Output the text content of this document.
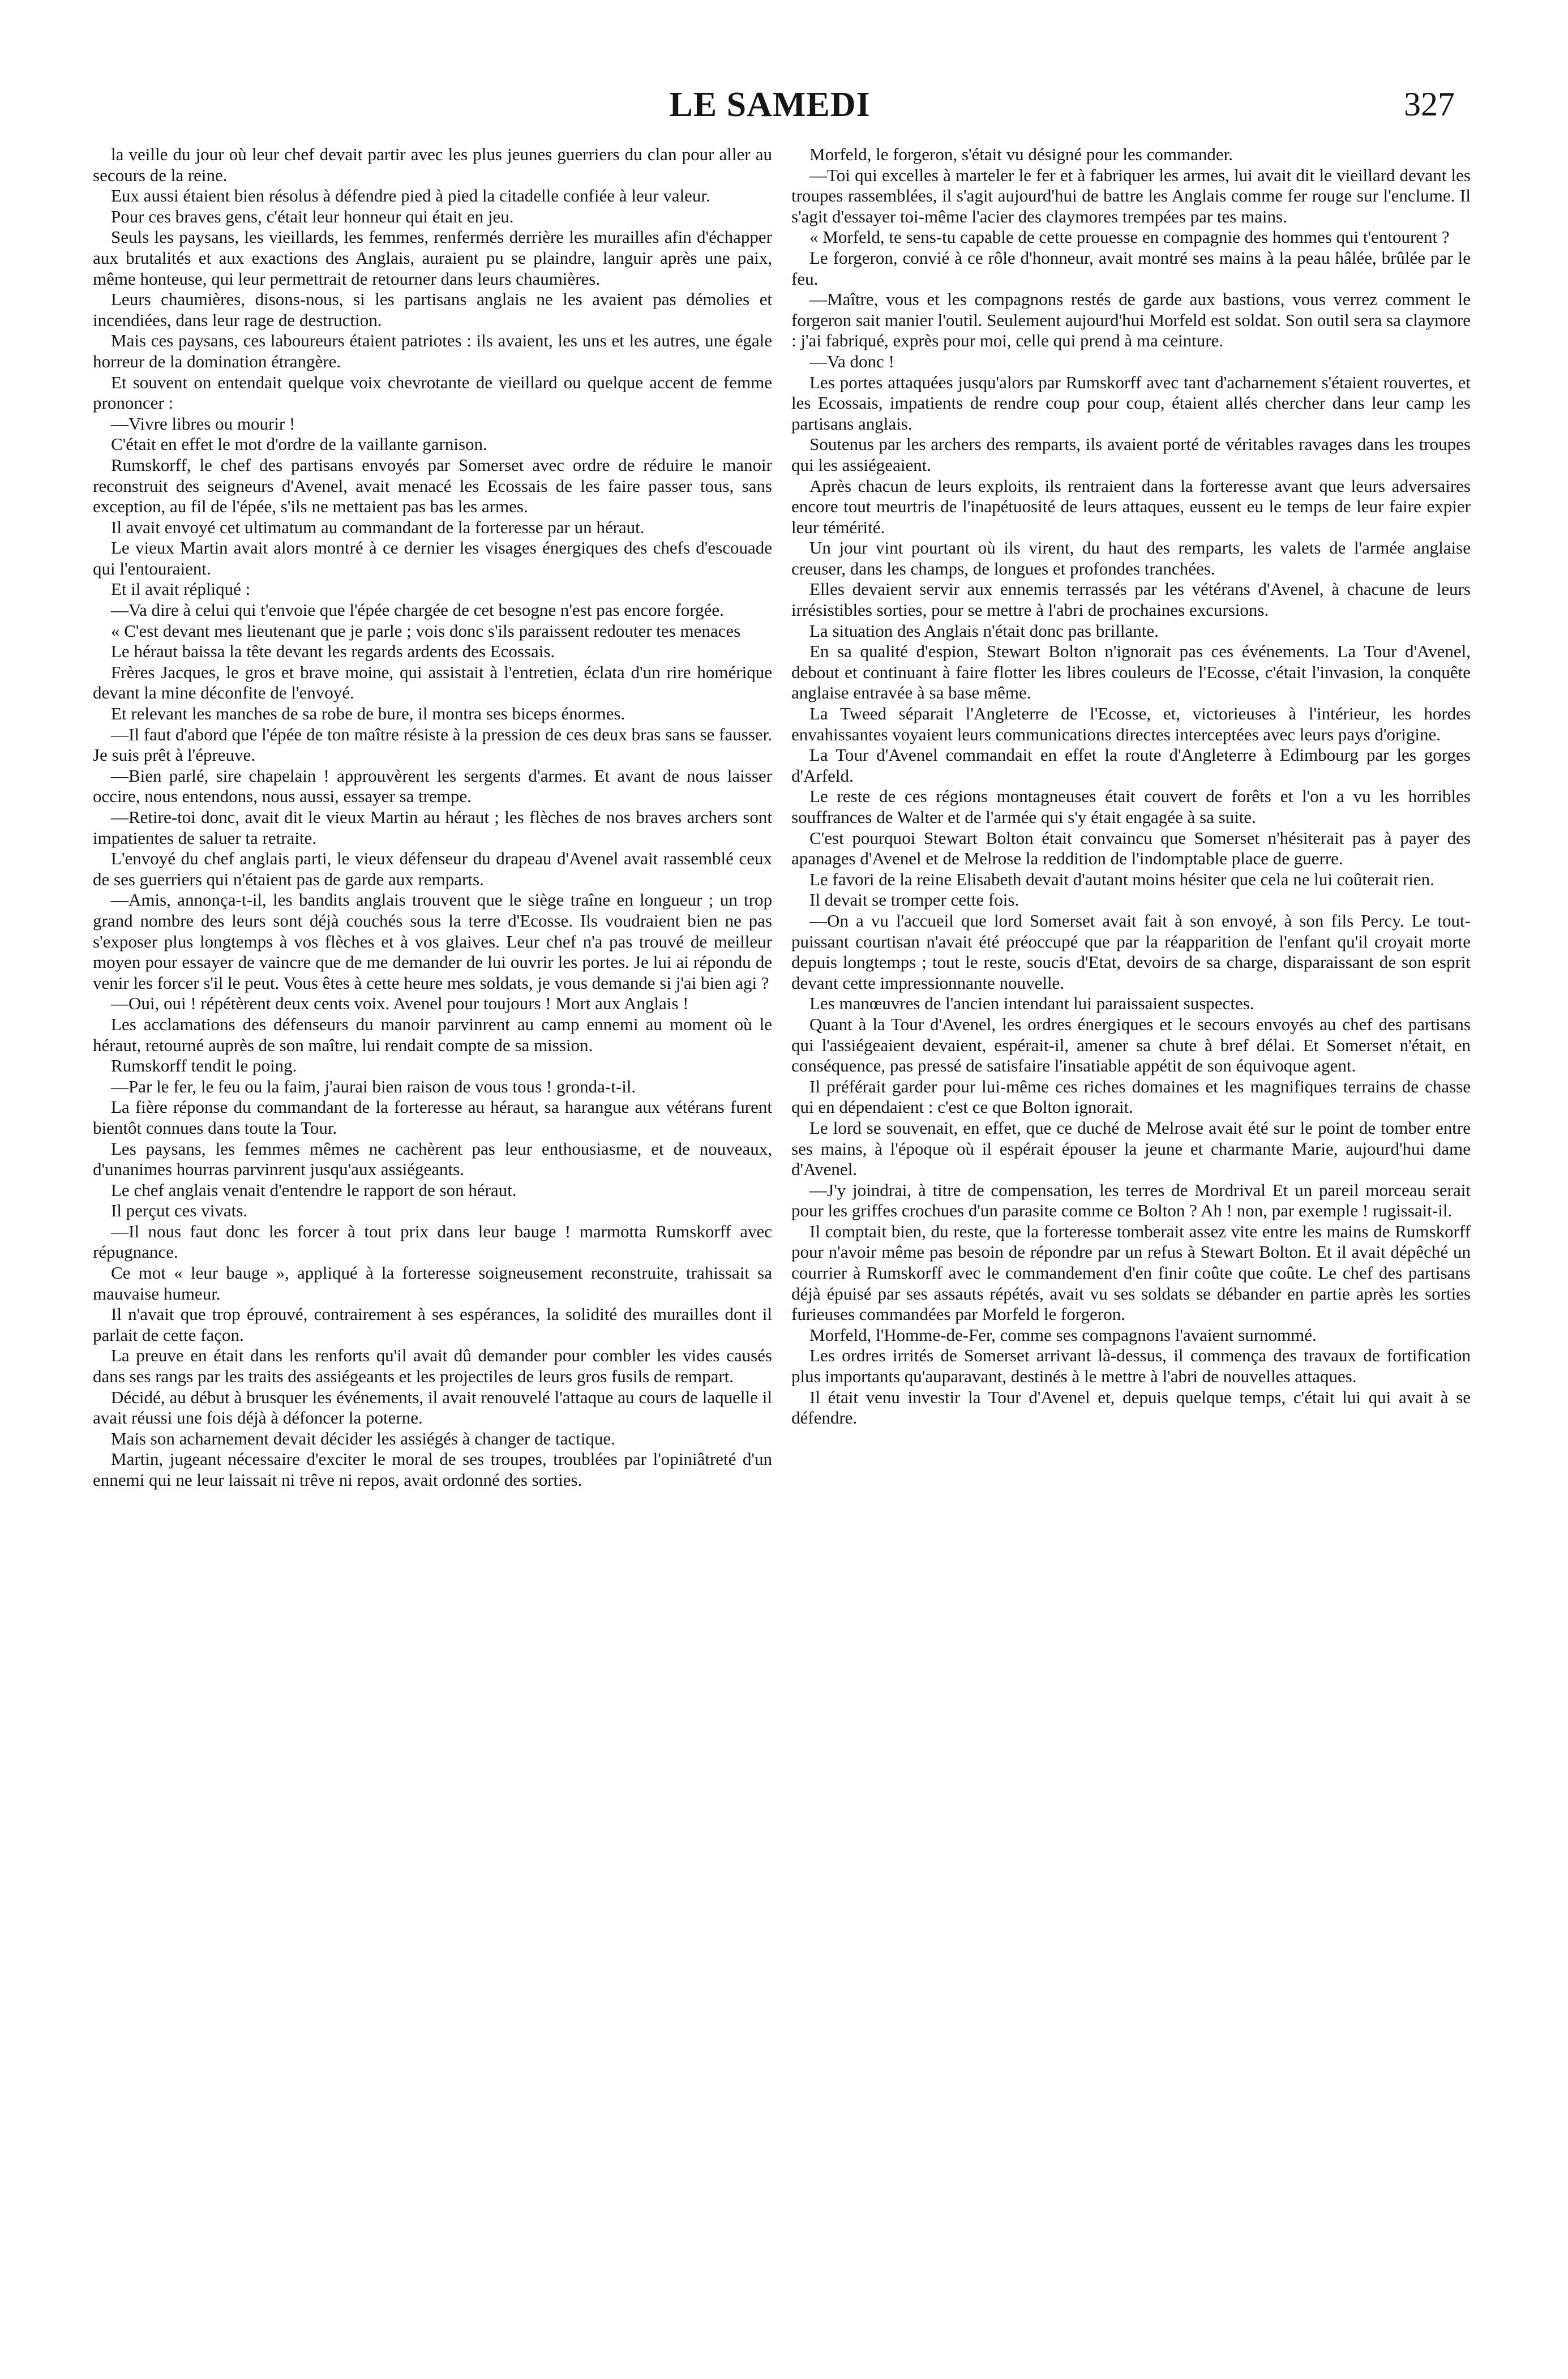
LE SAMEDI	327

la veille du jour où leur chef devait partir avec les plus jeunes guerriers du clan pour aller au secours de la reine.

Eux aussi étaient bien résolus à défendre pied à pied la citadelle confiée à leur valeur.

Pour ces braves gens, c'était leur honneur qui était en jeu.

Seuls les paysans, les vieillards, les femmes, renfermés derrière les murailles afin d'échapper aux brutalités et aux exactions des Anglais, auraient pu se plaindre, languir après une paix, même honteuse, qui leur permettrait de retourner dans leurs chaumières.

Leurs chaumières, disons-nous, si les partisans anglais ne les avaient pas démolies et incendiées, dans leur rage de destruction.

Mais ces paysans, ces laboureurs étaient patriotes : ils avaient, les uns et les autres, une égale horreur de la domination étrangère.

Et souvent on entendait quelque voix chevrotante de vieillard ou quelque accent de femme prononcer :

—Vivre libres ou mourir !

C'était en effet le mot d'ordre de la vaillante garnison.

Rumskorff, le chef des partisans envoyés par Somerset avec ordre de réduire le manoir reconstruit des seigneurs d'Avenel, avait menacé les Ecossais de les faire passer tous, sans exception, au fil de l'épée, s'ils ne mettaient pas bas les armes.

Il avait envoyé cet ultimatum au commandant de la forteresse par un héraut.

Le vieux Martin avait alors montré à ce dernier les visages énergiques des chefs d'escouade qui l'entouraient.

Et il avait répliqué :

—Va dire à celui qui t'envoie que l'épée chargée de cet besogne n'est pas encore forgée.

« C'est devant mes lieutenant que je parle ; vois donc s'ils paraissent redouter tes menaces

Le héraut baissa la tête devant les regards ardents des Ecossais.

Frères Jacques, le gros et brave moine, qui assistait à l'entretien, éclata d'un rire homérique devant la mine déconfite de l'envoyé.

Et relevant les manches de sa robe de bure, il montra ses biceps énormes.

—Il faut d'abord que l'épée de ton maître résiste à la pression de ces deux bras sans se fausser. Je suis prêt à l'épreuve.

—Bien parlé, sire chapelain ! approuvèrent les sergents d'armes. Et avant de nous laisser occire, nous entendons, nous aussi, essayer sa trempe.

—Retire-toi donc, avait dit le vieux Martin au héraut ; les flèches de nos braves archers sont impatientes de saluer ta retraite.

L'envoyé du chef anglais parti, le vieux défenseur du drapeau d'Avenel avait rassemblé ceux de ses guerriers qui n'étaient pas de garde aux remparts.

—Amis, annonça-t-il, les bandits anglais trouvent que le siège traîne en longueur ; un trop grand nombre des leurs sont déjà couchés sous la terre d'Ecosse. Ils voudraient bien ne pas s'exposer plus longtemps à vos flèches et à vos glaives. Leur chef n'a pas trouvé de meilleur moyen pour essayer de vaincre que de me demander de lui ouvrir les portes. Je lui ai répondu de venir les forcer s'il le peut. Vous êtes à cette heure mes soldats, je vous demande si j'ai bien agi ?

—Oui, oui ! répétèrent deux cents voix. Avenel pour toujours ! Mort aux Anglais !

Les acclamations des défenseurs du manoir parvinrent au camp ennemi au moment où le héraut, retourné auprès de son maître, lui rendait compte de sa mission.

Rumskorff tendit le poing.

—Par le fer, le feu ou la faim, j'aurai bien raison de vous tous ! gronda-t-il.

La fière réponse du commandant de la forteresse au héraut, sa harangue aux vétérans furent bientôt connues dans toute la Tour.

Les paysans, les femmes mêmes ne cachèrent pas leur enthousiasme, et de nouveaux, d'unanimes hourras parvinrent jusqu'aux assiégeants.

Le chef anglais venait d'entendre le rapport de son héraut.

Il perçut ces vivats.

—Il nous faut donc les forcer à tout prix dans leur bauge ! marmotta Rumskorff avec répugnance.

Ce mot « leur bauge », appliqué à la forteresse soigneusement reconstruite, trahissait sa mauvaise humeur.

Il n'avait que trop éprouvé, contrairement à ses espérances, la solidité des murailles dont il parlait de cette façon.

La preuve en était dans les renforts qu'il avait dû demander pour combler les vides causés dans ses rangs par les traits des assiégeants et les projectiles de leurs gros fusils de rempart.

Décidé, au début à brusquer les événements, il avait renouvelé l'attaque au cours de laquelle il avait réussi une fois déjà à défoncer la poterne.

Mais son acharnement devait décider les assiégés à changer de tactique.

Martin, jugeant nécessaire d'exciter le moral de ses troupes, troublées par l'opiniâtreté d'un ennemi qui ne leur laissait ni trêve ni repos, avait ordonné des sorties.

Morfeld, le forgeron, s'était vu désigné pour les commander.

—Toi qui excelles à marteler le fer et à fabriquer les armes, lui avait dit le vieillard devant les troupes rassemblées, il s'agit aujourd'hui de battre les Anglais comme fer rouge sur l'enclume. Il s'agit d'essayer toi-même l'acier des claymores trempées par tes mains.

« Morfeld, te sens-tu capable de cette prouesse en compagnie des hommes qui t'entourent ?

Le forgeron, convié à ce rôle d'honneur, avait montré ses mains à la peau hâlée, brûlée par le feu.

—Maître, vous et les compagnons restés de garde aux bastions, vous verrez comment le forgeron sait manier l'outil. Seulement aujourd'hui Morfeld est soldat. Son outil sera sa claymore : j'ai fabriqué, exprès pour moi, celle qui prend à ma ceinture.

—Va donc !

Les portes attaquées jusqu'alors par Rumskorff avec tant d'acharnement s'étaient rouvertes, et les Ecossais, impatients de rendre coup pour coup, étaient allés chercher dans leur camp les partisans anglais.

Soutenus par les archers des remparts, ils avaient porté de véritables ravages dans les troupes qui les assiégeaient.

Après chacun de leurs exploits, ils rentraient dans la forteresse avant que leurs adversaires encore tout meurtris de l'inapétuosité de leurs attaques, eussent eu le temps de leur faire expier leur témérité.

Un jour vint pourtant où ils virent, du haut des remparts, les valets de l'armée anglaise creuser, dans les champs, de longues et profondes tranchées.

Elles devaient servir aux ennemis terrassés par les vétérans d'Avenel, à chacune de leurs irrésistibles sorties, pour se mettre à l'abri de prochaines excursions.

La situation des Anglais n'était donc pas brillante.

En sa qualité d'espion, Stewart Bolton n'ignorait pas ces événements. La Tour d'Avenel, debout et continuant à faire flotter les libres couleurs de l'Ecosse, c'était l'invasion, la conquête anglaise entravée à sa base même.

La Tweed séparait l'Angleterre de l'Ecosse, et, victorieuses à l'intérieur, les hordes envahissantes voyaient leurs communications directes interceptées avec leurs pays d'origine.

La Tour d'Avenel commandait en effet la route d'Angleterre à Edimbourg par les gorges d'Arfeld.

Le reste de ces régions montagneuses était couvert de forêts et l'on a vu les horribles souffrances de Walter et de l'armée qui s'y était engagée à sa suite.

C'est pourquoi Stewart Bolton était convaincu que Somerset n'hésiterait pas à payer des apanages d'Avenel et de Melrose la reddition de l'indomptable place de guerre.

Le favori de la reine Elisabeth devait d'autant moins hésiter que cela ne lui coûterait rien.

Il devait se tromper cette fois.

—On a vu l'accueil que lord Somerset avait fait à son envoyé, à son fils Percy. Le tout-puissant courtisan n'avait été préoccupé que par la réapparition de l'enfant qu'il croyait morte depuis longtemps ; tout le reste, soucis d'Etat, devoirs de sa charge, disparaissant de son esprit devant cette impressionnante nouvelle.

Les manœuvres de l'ancien intendant lui paraissaient suspectes.

Quant à la Tour d'Avenel, les ordres énergiques et le secours envoyés au chef des partisans qui l'assiégeaient devaient, espérait-il, amener sa chute à bref délai. Et Somerset n'était, en conséquence, pas pressé de satisfaire l'insatiable appétit de son équivoque agent.

Il préférait garder pour lui-même ces riches domaines et les magnifiques terrains de chasse qui en dépendaient : c'est ce que Bolton ignorait.

Le lord se souvenait, en effet, que ce duché de Melrose avait été sur le point de tomber entre ses mains, à l'époque où il espérait épouser la jeune et charmante Marie, aujourd'hui dame d'Avenel.

—J'y joindrai, à titre de compensation, les terres de Mordrival Et un pareil morceau serait pour les griffes crochues d'un parasite comme ce Bolton ? Ah ! non, par exemple ! rugissait-il.

Il comptait bien, du reste, que la forteresse tomberait assez vite entre les mains de Rumskorff pour n'avoir même pas besoin de répondre par un refus à Stewart Bolton. Et il avait dépêché un courrier à Rumskorff avec le commandement d'en finir coûte que coûte. Le chef des partisans déjà épuisé par ses assauts répétés, avait vu ses soldats se débander en partie après les sorties furieuses commandées par Morfeld le forgeron.

Morfeld, l'Homme-de-Fer, comme ses compagnons l'avaient surnommé.

Les ordres irrités de Somerset arrivant là-dessus, il commença des travaux de fortification plus importants qu'auparavant, destinés à le mettre à l'abri de nouvelles attaques.

Il était venu investir la Tour d'Avenel et, depuis quelque temps, c'était lui qui avait à se défendre.
